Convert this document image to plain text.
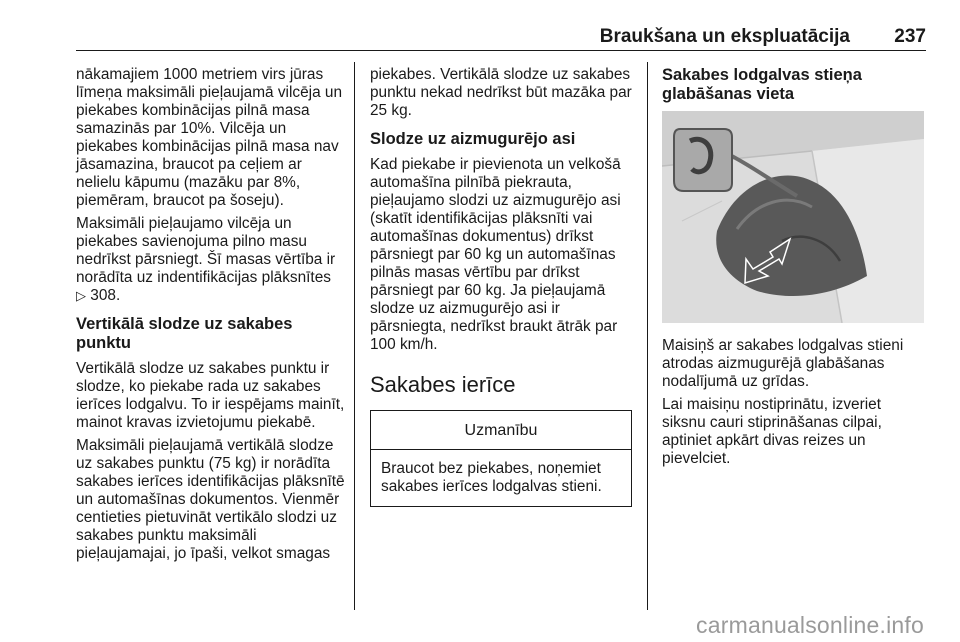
Braukšana un ekspluatācija 237

nākamajiem 1000 metriem virs jūras līmeņa maksimāli pieļaujamā vilcēja un piekabes kombinācijas pilnā masa samazinās par 10%. Vilcēja un piekabes kombinācijas pilnā masa nav jāsamazina, braucot pa ceļiem ar nelielu kāpumu (mazāku par 8%, piemēram, braucot pa šoseju).

Maksimāli pieļaujamo vilcēja un piekabes savienojuma pilno masu nedrīkst pārsniegt. Šī masas vērtība ir norādīta uz indentifikācijas plāksnītes
▷ 308.

Vertikālā slodze uz sakabes punktu

Vertikālā slodze uz sakabes punktu ir slodze, ko piekabe rada uz sakabes ierīces lodgalvu. To ir iespējams mainīt, mainot kravas izvietojumu piekabē.

Maksimāli pieļaujamā vertikālā slodze uz sakabes punktu (75 kg) ir norādīta sakabes ierīces identifikācijas plāksnītē un automašīnas dokumentos. Vienmēr centieties pietuvināt vertikālo slodzi uz sakabes punktu maksimāli pieļaujamajai, jo īpaši, velkot smagas

piekabes. Vertikālā slodze uz sakabes punktu nekad nedrīkst būt mazāka par 25 kg.

Slodze uz aizmugurējo asi

Kad piekabe ir pievienota un velkošā automašīna pilnībā piekrauta, pieļaujamo slodzi uz aizmugurējo asi (skatīt identifikācijas plāksnīti vai automašīnas dokumentus) drīkst pārsniegt par 60 kg un automašīnas pilnās masas vērtību par drīkst pārsniegt par 60 kg. Ja pieļaujamā slodze uz aizmugurējo asi ir pārsniegta, nedrīkst braukt ātrāk par 100 km/h.

Sakabes ierīce
Uzmanību
Braucot bez piekabes, noņemiet sakabes ierīces lodgalvas stieni.
Sakabes lodgalvas stieņa glabāšanas vieta

Maisiņš ar sakabes lodgalvas stieni atrodas aizmugurējā glabāšanas nodalījumā uz grīdas.

Lai maisiņu nostiprinātu, izveriet siksnu cauri stiprināšanas cilpai, aptiniet apkārt divas reizes un pievelciet.

carmanualsonline.info
